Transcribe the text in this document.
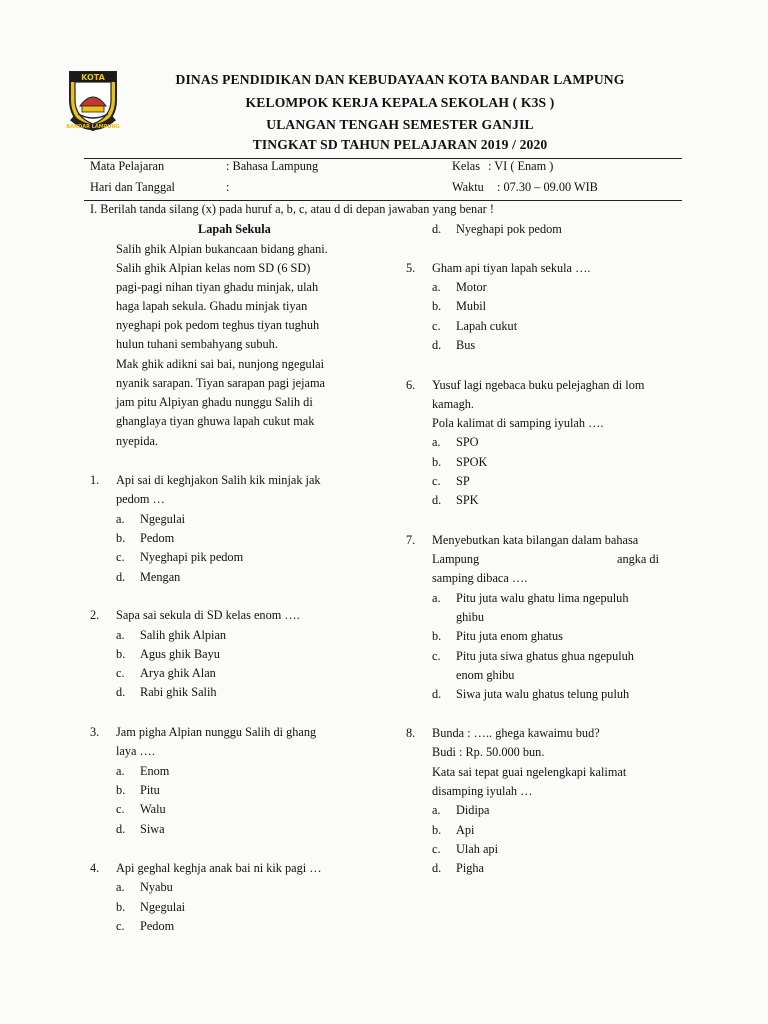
KOTA
BANDAR LAMPUNG
DINAS PENDIDIKAN DAN KEBUDAYAAN KOTA BANDAR LAMPUNG
KELOMPOK KERJA KEPALA SEKOLAH ( K3S )
ULANGAN TENGAH SEMESTER GANJIL
TINGKAT SD TAHUN PELAJARAN 2019 / 2020
Mata Pelajaran	: Bahasa Lampung	Kelas : VI ( Enam )
Hari dan Tanggal	:	Waktu : 07.30 – 09.00 WIB
I. Berilah tanda silang (x) pada huruf a, b, c, atau d di depan jawaban yang benar !
Lapah Sekula
Salih ghik Alpian bukancaan bidang ghani.
Salih ghik Alpian kelas nom SD (6 SD)
pagi-pagi nihan tiyan ghadu minjak, ulah
haga lapah sekula. Ghadu minjak tiyan
nyeghapi pok pedom teghus tiyan tughuh
hulun tuhani sembahyang subuh.
Mak ghik adikni sai bai, nunjong ngegulai
nyanik sarapan. Tiyan sarapan pagi jejama
jam pitu Alpiyan ghadu nunggu Salih di
ghanglaya tiyan ghuwa lapah cukut mak
nyepida.
1. Api sai di keghjakon Salih kik minjak jak
pedom …
a. Ngegulai
b. Pedom
c. Nyeghapi pik pedom
d. Mengan
2. Sapa sai sekula di SD kelas enom ….
a. Salih ghik Alpian
b. Agus ghik Bayu
c. Arya ghik Alan
d. Rabi ghik Salih
3. Jam pigha Alpian nunggu Salih di ghang
laya ….
a. Enom
b. Pitu
c. Walu
d. Siwa
4. Api geghal keghja anak bai ni kik pagi …
a. Nyabu
b. Ngegulai
c. Pedom
d. Nyeghapi pok pedom
5. Gham api tiyan lapah sekula ….
a. Motor
b. Mubil
c. Lapah cukut
d. Bus
6. Yusuf lagi ngebaca buku pelejaghan di lom
kamagh.
Pola kalimat di samping iyulah ….
a. SPO
b. SPOK
c. SP
d. SPK
7. Menyebutkan kata bilangan dalam bahasa
Lampung	angka di
samping dibaca ….
a. Pitu juta walu ghatu lima ngepuluh
ghibu
b. Pitu juta enom ghatus
c. Pitu juta siwa ghatus ghua ngepuluh
enom ghibu
d. Siwa juta walu ghatus telung puluh
8. Bunda : ….. ghega kawaimu bud?
Budi : Rp. 50.000 bun.
Kata sai tepat guai ngelengkapi kalimat
disamping iyulah …
a. Didipa
b. Api
c. Ulah api
d. Pigha
